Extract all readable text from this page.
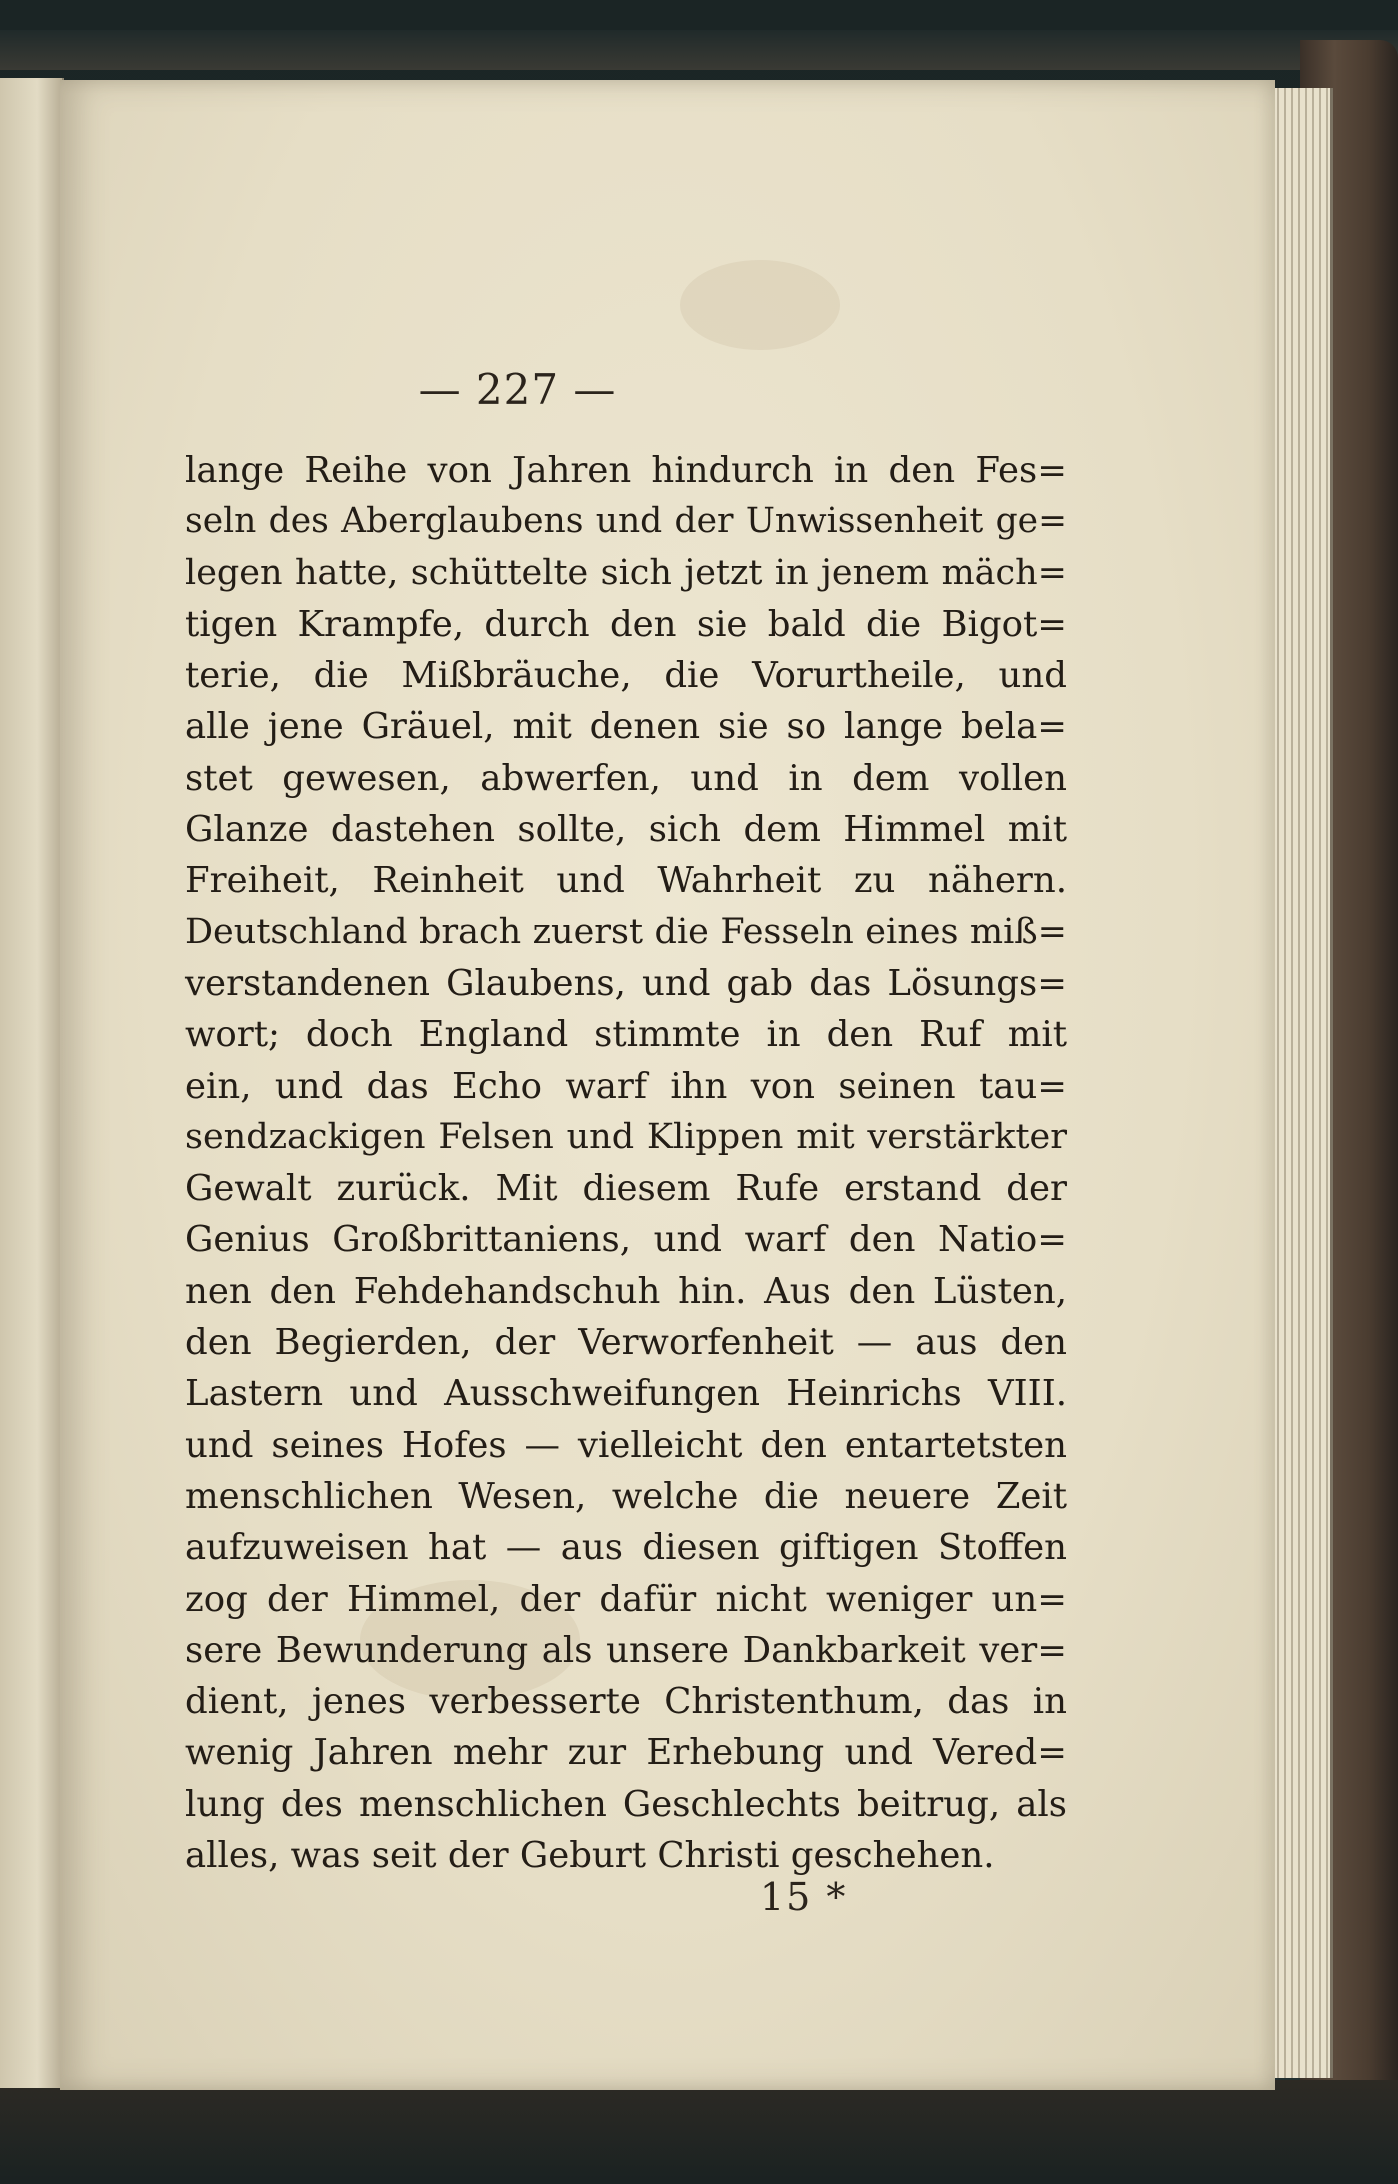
— 227 —
lange Reihe von Jahren hindurch in den Fes=
seln des Aberglaubens und der Unwissenheit ge=
legen hatte, schüttelte sich jetzt in jenem mäch=
tigen Krampfe, durch den sie bald die Bigot=
terie, die Mißbräuche, die Vorurtheile, und
alle jene Gräuel, mit denen sie so lange bela=
stet gewesen, abwerfen, und in dem vollen
Glanze dastehen sollte, sich dem Himmel mit
Freiheit, Reinheit und Wahrheit zu nähern.
Deutschland brach zuerst die Fesseln eines miß=
verstandenen Glaubens, und gab das Lösungs=
wort; doch England stimmte in den Ruf mit
ein, und das Echo warf ihn von seinen tau=
sendzackigen Felsen und Klippen mit verstärkter
Gewalt zurück. Mit diesem Rufe erstand der
Genius Großbrittaniens, und warf den Natio=
nen den Fehdehandschuh hin. Aus den Lüsten,
den Begierden, der Verworfenheit — aus den
Lastern und Ausschweifungen Heinrichs VIII.
und seines Hofes — vielleicht den entartetsten
menschlichen Wesen, welche die neuere Zeit
aufzuweisen hat — aus diesen giftigen Stoffen
zog der Himmel, der dafür nicht weniger un=
sere Bewunderung als unsere Dankbarkeit ver=
dient, jenes verbesserte Christenthum, das in
wenig Jahren mehr zur Erhebung und Vered=
lung des menschlichen Geschlechts beitrug, als
alles, was seit der Geburt Christi geschehen.
15 *
